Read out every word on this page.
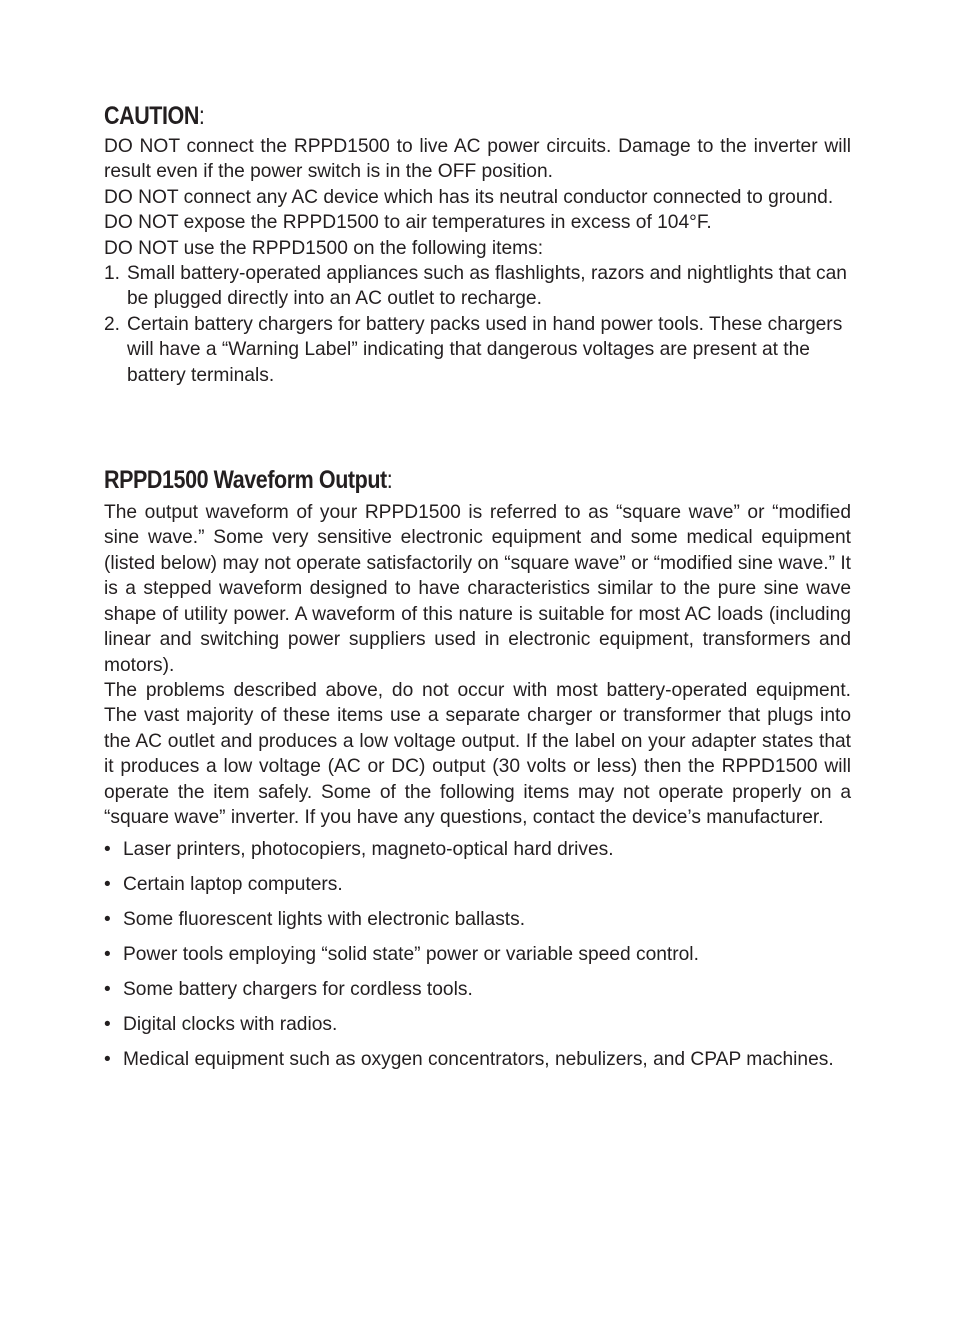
CAUTION:

DO NOT connect the RPPD1500 to live AC power circuits. Damage to the inverter will result even if the power switch is in the OFF position.

DO NOT connect any AC device which has its neutral conductor connected to ground.

DO NOT expose the RPPD1500 to air temperatures in excess of 104°F.

DO NOT use the RPPD1500 on the following items:

1. Small battery-operated appliances such as flashlights, razors and nightlights that can be plugged directly into an AC outlet to recharge.
2. Certain battery chargers for battery packs used in hand power tools. These chargers will have a “Warning Label” indicating that dangerous voltages are present at the battery terminals.
RPPD1500 Waveform Output:

The output waveform of your RPPD1500 is referred to as “square wave” or “modified sine wave.” Some very sensitive electronic equipment and some medical equipment (listed below) may not operate satisfactorily on “square wave” or “modified sine wave.” It is a stepped waveform designed to have characteristics similar to the pure sine wave shape of utility power. A waveform of this nature is suitable for most AC loads (including linear and switching power suppliers used in electronic equipment, transformers and motors).

The problems described above, do not occur with most battery-operated equipment. The vast majority of these items use a separate charger or transformer that plugs into the AC outlet and produces a low voltage output. If the label on your adapter states that it produces a low voltage (AC or DC) output (30 volts or less) then the RPPD1500 will operate the item safely. Some of the following items may not operate properly on a “square wave” inverter. If you have any questions, contact the device’s manufacturer.

• Laser printers, photocopiers, magneto-optical hard drives.
• Certain laptop computers.
• Some fluorescent lights with electronic ballasts.
• Power tools employing “solid state” power or variable speed control.
• Some battery chargers for cordless tools.
• Digital clocks with radios.
• Medical equipment such as oxygen concentrators, nebulizers, and CPAP machines.
